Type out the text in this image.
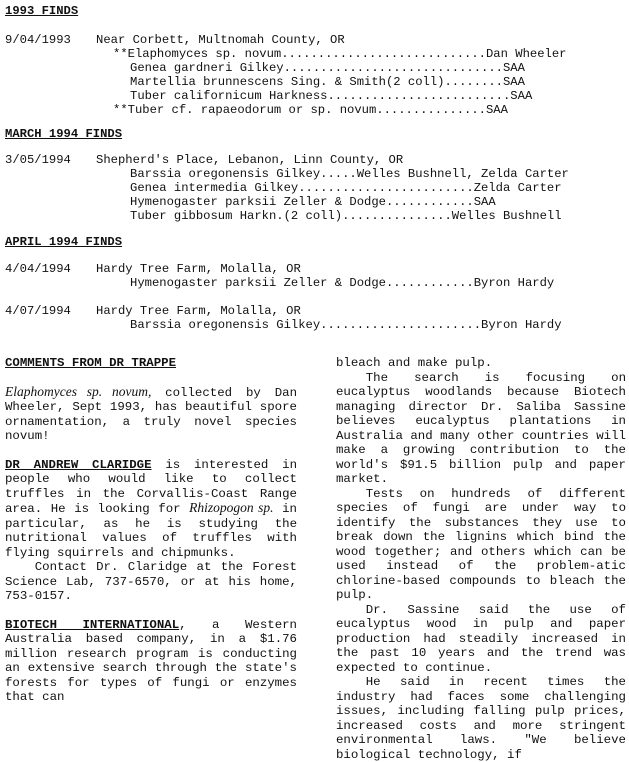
1993 FINDS
9/04/1993 Near Corbett, Multnomah County, OR
**Elaphomyces sp. novum............................Dan Wheeler
Genea gardneri Gilkey..............................SAA
Martellia brunnescens Sing. & Smith(2 coll)........SAA
Tuber californicum Harkness.........................SAA
**Tuber cf. rapaeodorum or sp. novum...............SAA
MARCH 1994 FINDS
3/05/1994 Shepherd's Place, Lebanon, Linn County, OR
Barssia oregonensis Gilkey.....Welles Bushnell, Zelda Carter
Genea intermedia Gilkey........................Zelda Carter
Hymenogaster parksii Zeller & Dodge............SAA
Tuber gibbosum Harkn.(2 coll)...............Welles Bushnell
APRIL 1994 FINDS
4/04/1994 Hardy Tree Farm, Molalla, OR
Hymenogaster parksii Zeller & Dodge............Byron Hardy
4/07/1994 Hardy Tree Farm, Molalla, OR
Barssia oregonensis Gilkey......................Byron Hardy

COMMENTS FROM DR TRAPPE

Elaphomyces sp. novum, collected by Dan Wheeler, Sept 1993, has beautiful spore ornamentation, a truly novel species novum!

DR ANDREW CLARIDGE is interested in people who would like to collect truffles in the Corvallis-Coast Range area. He is looking for Rhizopogon sp. in particular, as he is studying the nutritional values of truffles with flying squirrels and chipmunks.

Contact Dr. Claridge at the Forest Science Lab, 737-6570, or at his home, 753-0157.

BIOTECH INTERNATIONAL, a Western Australia based company, in a $1.76 million research program is conducting an extensive search through the state's forests for types of fungi or enzymes that can

bleach and make pulp.

The search is focusing on eucalyptus woodlands because Biotech managing director Dr. Saliba Sassine believes eucalyptus plantations in Australia and many other countries will make a growing contribution to the world's $91.5 billion pulp and paper market.

Tests on hundreds of different species of fungi are under way to identify the substances they use to break down the lignins which bind the wood together; and others which can be used instead of the problem-atic chlorine-based compounds to bleach the pulp.

Dr. Sassine said the use of eucalyptus wood in pulp and paper production had steadily increased in the past 10 years and the trend was expected to continue.

He said in recent times the industry had faces some challenging issues, including falling pulp prices, increased costs and more stringent environmental laws. "We believe biological technology, if
